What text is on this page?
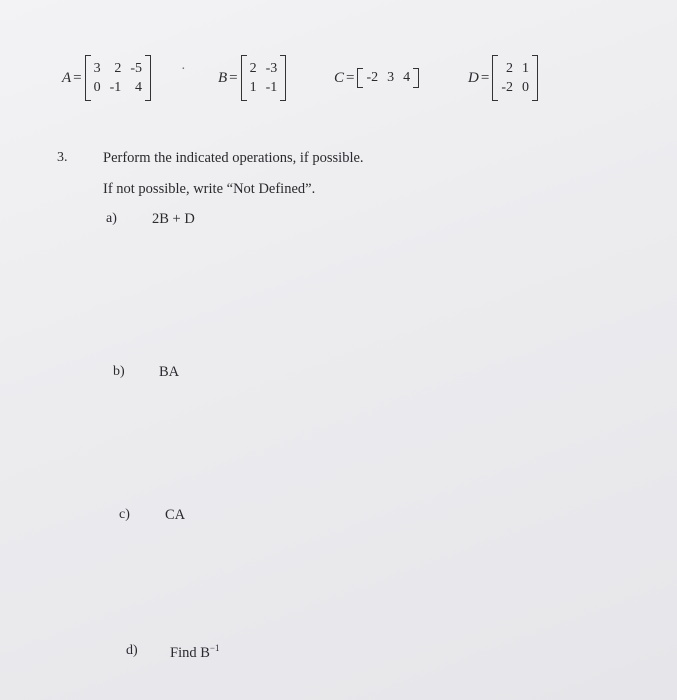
A =
3 2 -5
0 -1 4
· B =
2 -3
1 -1
C = -2 3 4	D =
2 1
-2 0
3. Perform the indicated operations, if possible.
If not possible, write “Not Defined”.
a) 2B + D
b) BA
c) CA
d) Find $B^{-1}$
